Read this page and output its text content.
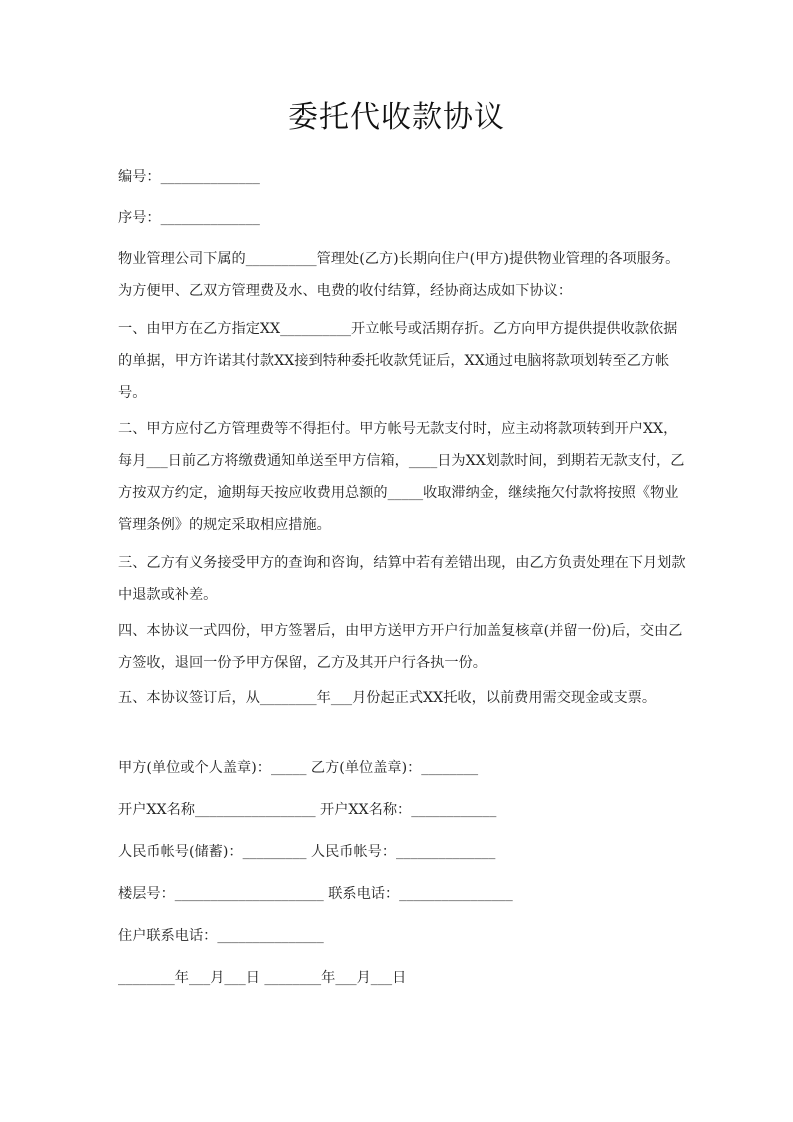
委托代收款协议
编号：______________
序号：______________
物业管理公司下属的__________管理处(乙方)长期向住户(甲方)提供物业管理的各项服务。为方便甲、乙双方管理费及水、电费的收付结算，经协商达成如下协议：
一、由甲方在乙方指定XX__________开立帐号或活期存折。乙方向甲方提供提供收款依据的单据，甲方许诺其付款XX接到特种委托收款凭证后，XX通过电脑将款项划转至乙方帐号。
二、甲方应付乙方管理费等不得拒付。甲方帐号无款支付时，应主动将款项转到开户XX，每月___日前乙方将缴费通知单送至甲方信箱，____日为XX划款时间，到期若无款支付，乙方按双方约定，逾期每天按应收费用总额的_____收取滞纳金，继续拖欠付款将按照《物业管理条例》的规定采取相应措施。
三、乙方有义务接受甲方的查询和咨询，结算中若有差错出现，由乙方负责处理在下月划款中退款或补差。
四、本协议一式四份，甲方签署后，由甲方送甲方开户行加盖复核章(并留一份)后，交由乙方签收，退回一份予甲方保留，乙方及其开户行各执一份。
五、本协议签订后，从________年___月份起正式XX托收，以前费用需交现金或支票。
甲方(单位或个人盖章)：_____ 乙方(单位盖章)：________
开户XX名称_________________ 开户XX名称：____________
人民币帐号(储蓄)：_________ 人民币帐号：______________
楼层号：_____________________ 联系电话：________________
住户联系电话：_______________
________年___月___日 ________年___月___日
